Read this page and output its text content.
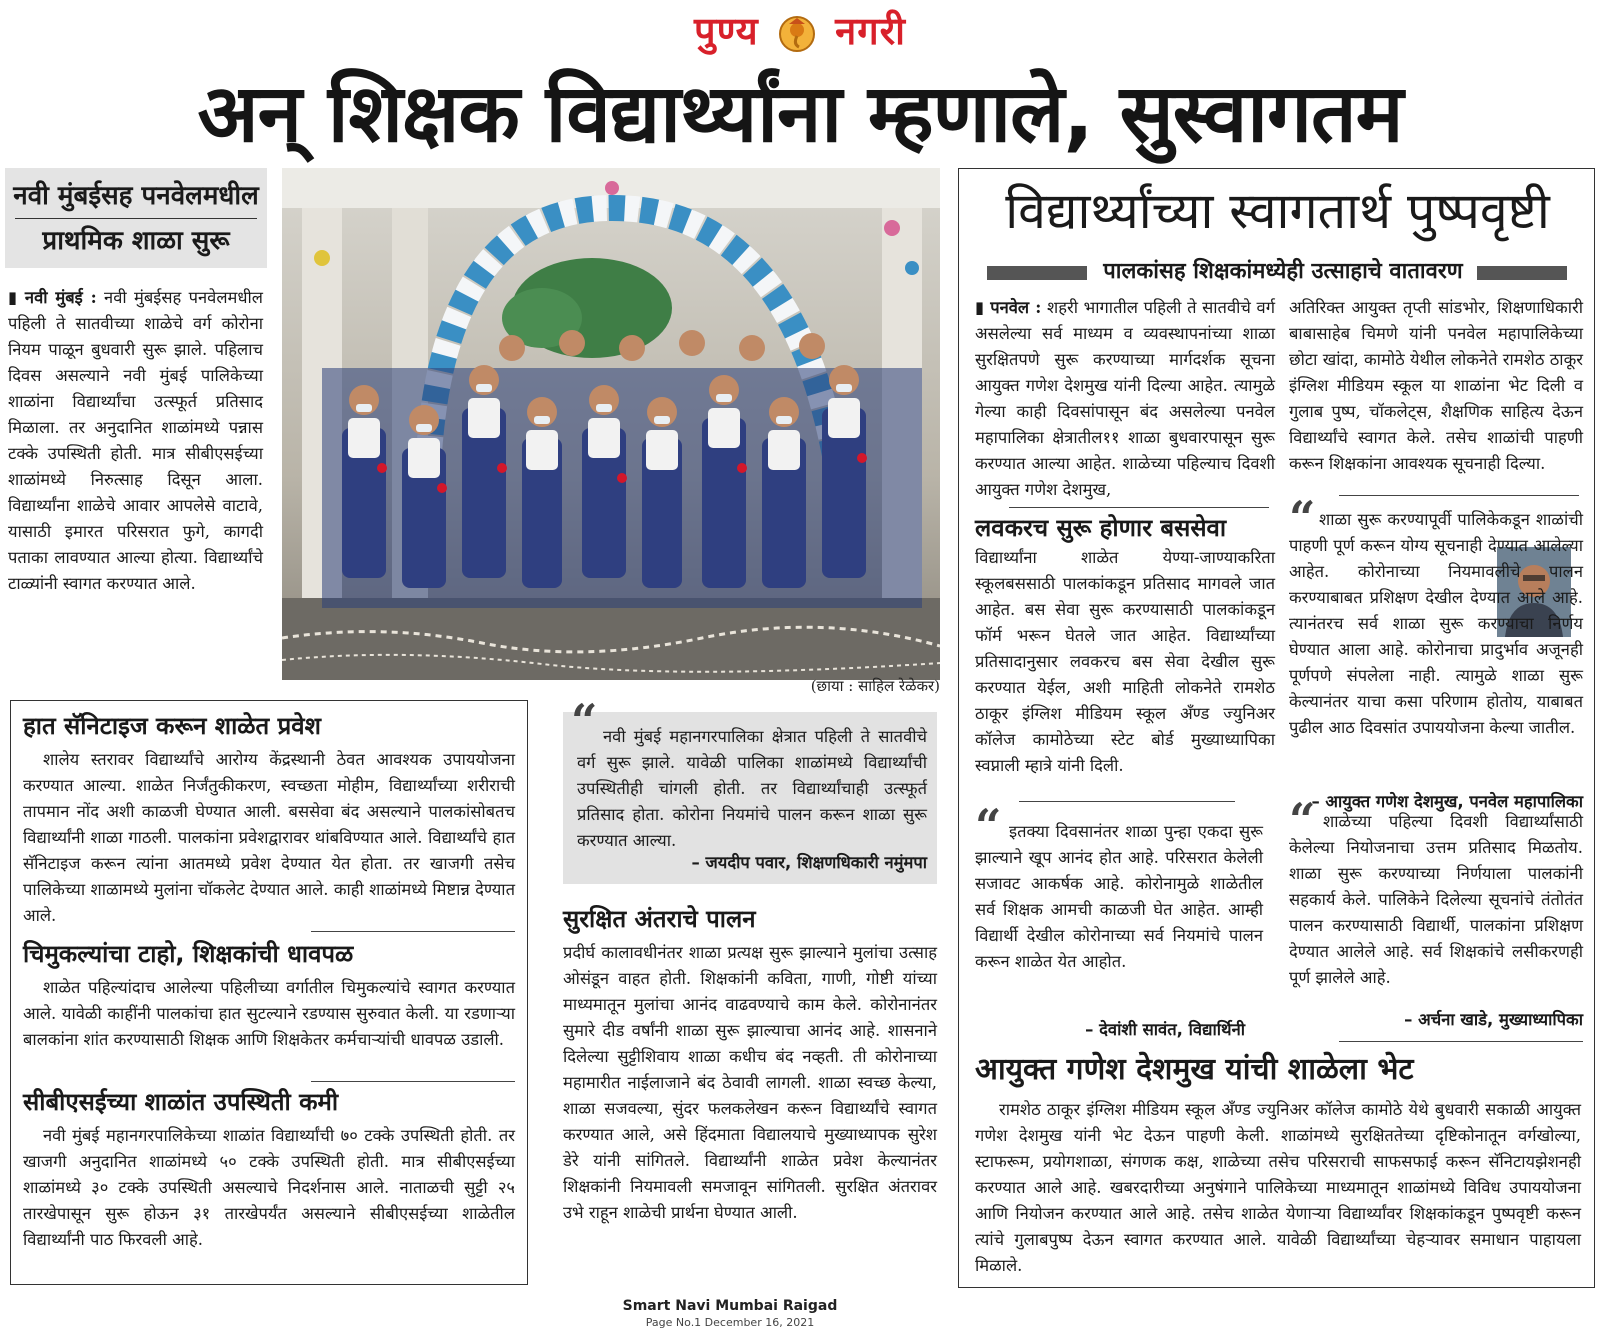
पुण्य नगरी
अन् शिक्षक विद्यार्थ्यांना म्हणाले, सुस्वागतम
नवी मुंबईसह पनवेलमधील
प्राथमिक शाळा सुरू
▮ नवी मुंबई : नवी मुंबईसह पनवेलमधील पहिली ते सातवीच्या शाळेचे वर्ग कोरोना नियम पाळून बुधवारी सुरू झाले. पहिलाच दिवस असल्याने नवी मुंबई पालिकेच्या शाळांना विद्यार्थ्यांचा उत्स्फूर्त प्रतिसाद मिळाला. तर अनुदानित शाळांमध्ये पन्नास टक्के उपस्थिती होती. मात्र सीबीएसईच्या शाळांमध्ये निरुत्साह दिसून आला. विद्यार्थ्यांना शाळेचे आवार आपलेसे वाटावे, यासाठी इमारत परिसरात फुगे, कागदी पताका लावण्यात आल्या होत्या. विद्यार्थ्यांचे टाळ्यांनी स्वागत करण्यात आले.
(छाया : साहिल रेळेकर)
हात सॅनिटाइज करून शाळेत प्रवेश
शालेय स्तरावर विद्यार्थ्यांचे आरोग्य केंद्रस्थानी ठेवत आवश्यक उपाययोजना करण्यात आल्या. शाळेत निर्जंतुकीकरण, स्वच्छता मोहीम, विद्यार्थ्यांच्या शरीराची तापमान नोंद अशी काळजी घेण्यात आली. बससेवा बंद असल्याने पालकांसोबतच विद्यार्थ्यांनी शाळा गाठली. पालकांना प्रवेशद्वारावर थांबविण्यात आले. विद्यार्थ्यांचे हात सॅनिटाइज करून त्यांना आतमध्ये प्रवेश देण्यात येत होता. तर खाजगी तसेच पालिकेच्या शाळामध्ये मुलांना चॉकलेट देण्यात आले. काही शाळांमध्ये मिष्टान्न देण्यात आले.
चिमुकल्यांचा टाहो, शिक्षकांची धावपळ
शाळेत पहिल्यांदाच आलेल्या पहिलीच्या वर्गातील चिमुकल्यांचे स्वागत करण्यात आले. यावेळी काहींनी पालकांचा हात सुटल्याने रडण्यास सुरुवात केली. या रडणाऱ्या बालकांना शांत करण्यासाठी शिक्षक आणि शिक्षकेतर कर्मचाऱ्यांची धावपळ उडाली.
सीबीएसईच्या शाळांत उपस्थिती कमी
नवी मुंबई महानगरपालिकेच्या शाळांत विद्यार्थ्यांची ७० टक्के उपस्थिती होती. तर खाजगी अनुदानित शाळांमध्ये ५० टक्के उपस्थिती होती. मात्र सीबीएसईच्या शाळांमध्ये ३० टक्के उपस्थिती असल्याचे निदर्शनास आले. नाताळची सुट्टी २५ तारखेपासून सुरू होऊन ३१ तारखेपर्यंत असल्याने सीबीएसईच्या शाळेतील विद्यार्थ्यांनी पाठ फिरवली आहे.
“ नवी मुंबई महानगरपालिका क्षेत्रात पहिली ते सातवीचे वर्ग सुरू झाले. यावेळी पालिका शाळांमध्ये विद्यार्थ्यांची उपस्थितीही चांगली होती. तर विद्यार्थ्यांचाही उत्स्फूर्त प्रतिसाद होता. कोरोना नियमांचे पालन करून शाळा सुरू करण्यात आल्या.
– जयदीप पवार, शिक्षणधिकारी नमुंमपा
सुरक्षित अंतराचे पालन
प्रदीर्घ कालावधीनंतर शाळा प्रत्यक्ष सुरू झाल्याने मुलांचा उत्साह ओसंडून वाहत होती. शिक्षकांनी कविता, गाणी, गोष्टी यांच्या माध्यमातून मुलांचा आनंद वाढवण्याचे काम केले. कोरोनानंतर सुमारे दीड वर्षांनी शाळा सुरू झाल्याचा आनंद आहे. शासनाने दिलेल्या सुट्टीशिवाय शाळा कधीच बंद नव्हती. ती कोरोनाच्या महामारीत नाईलाजाने बंद ठेवावी लागली. शाळा स्वच्छ केल्या, शाळा सजवल्या, सुंदर फलकलेखन करून विद्यार्थ्यांचे स्वागत करण्यात आले, असे हिंदमाता विद्यालयाचे मुख्याध्यापक सुरेश डेरे यांनी सांगितले. विद्यार्थ्यांनी शाळेत प्रवेश केल्यानंतर शिक्षकांनी नियमावली समजावून सांगितली. सुरक्षित अंतरावर उभे राहून शाळेची प्रार्थना घेण्यात आली.
विद्यार्थ्यांच्या स्वागतार्थ पुष्पवृष्टी
पालकांसह शिक्षकांमध्येही उत्साहाचे वातावरण
▮ पनवेल : शहरी भागातील पहिली ते सातवीचे वर्ग असलेल्या सर्व माध्यम व व्यवस्थापनांच्या शाळा सुरक्षितपणे सुरू करण्याच्या मार्गदर्शक सूचना आयुक्त गणेश देशमुख यांनी दिल्या आहेत. त्यामुळे गेल्या काही दिवसांपासून बंद असलेल्या पनवेल महापालिका क्षेत्रातील११ शाळा बुधवारपासून सुरू करण्यात आल्या आहेत. शाळेच्या पहिल्याच दिवशी आयुक्त गणेश देशमुख,
अतिरिक्त आयुक्त तृप्ती सांडभोर, शिक्षणाधिकारी बाबासाहेब चिमणे यांनी पनवेल महापालिकेच्या छोटा खांदा, कामोठे येथील लोकनेते रामशेठ ठाकूर इंग्लिश मीडियम स्कूल या शाळांना भेट दिली व गुलाब पुष्प, चॉकलेट्स, शैक्षणिक साहित्य देऊन विद्यार्थ्यांचे स्वागत केले. तसेच शाळांची पाहणी करून शिक्षकांना आवश्यक सूचनाही दिल्या.
लवकरच सुरू होणार बससेवा
विद्यार्थ्यांना शाळेत येण्या-जाण्याकरिता स्कूलबससाठी पालकांकडून प्रतिसाद मागवले जात आहेत. बस सेवा सुरू करण्यासाठी पालकांकडून फॉर्म भरून घेतले जात आहेत. विद्यार्थ्यांच्या प्रतिसादानुसार लवकरच बस सेवा देखील सुरू करण्यात येईल, अशी माहिती लोकनेते रामशेठ ठाकूर इंग्लिश मीडियम स्कूल अँण्ड ज्युनिअर कॉलेज कामोठेच्या स्टेट बोर्ड मुख्याध्यापिका स्वप्नाली म्हात्रे यांनी दिली.
“ शाळा सुरू करण्यापूर्वी पालिकेकडून शाळांची पाहणी पूर्ण करून योग्य सूचनाही देण्यात आलेल्या आहेत. कोरोनाच्या नियमावलीचे पालन करण्याबाबत प्रशिक्षण देखील देण्यात आले आहे. त्यानंतरच सर्व शाळा सुरू करण्याचा निर्णय घेण्यात आला आहे. कोरोनाचा प्रादुर्भाव अजूनही पूर्णपणे संपलेला नाही. त्यामुळे शाळा सुरू केल्यानंतर याचा कसा परिणाम होतोय, याबाबत पुढील आठ दिवसांत उपाययोजना केल्या जातील.
– आयुक्त गणेश देशमुख, पनवेल महापालिका
“ इतक्या दिवसानंतर शाळा पुन्हा एकदा सुरू झाल्याने खूप आनंद होत आहे. परिसरात केलेली सजावट आकर्षक आहे. कोरोनामुळे शाळेतील सर्व शिक्षक आमची काळजी घेत आहेत. आम्ही विद्यार्थी देखील कोरोनाच्या सर्व नियमांचे पालन करून शाळेत येत आहोत.
– देवांशी सावंत, विद्यार्थिनी
“ शाळेच्या पहिल्या दिवशी विद्यार्थ्यांसाठी केलेल्या नियोजनाचा उत्तम प्रतिसाद मिळतोय. शाळा सुरू करण्याच्या निर्णयाला पालकांनी सहकार्य केले. पालिकेने दिलेल्या सूचनांचे तंतोतंत पालन करण्यासाठी विद्यार्थी, पालकांना प्रशिक्षण देण्यात आलेले आहे. सर्व शिक्षकांचे लसीकरणही पूर्ण झालेले आहे.
– अर्चना खाडे, मुख्याध्यापिका
आयुक्त गणेश देशमुख यांची शाळेला भेट
रामशेठ ठाकूर इंग्लिश मीडियम स्कूल अँण्ड ज्युनिअर कॉलेज कामोठे येथे बुधवारी सकाळी आयुक्त गणेश देशमुख यांनी भेट देऊन पाहणी केली. शाळांमध्ये सुरक्षिततेच्या दृष्टिकोनातून वर्गखोल्या, स्टाफरूम, प्रयोगशाळा, संगणक कक्ष, शाळेच्या तसेच परिसराची साफसफाई करून सॅनिटायझेशनही करण्यात आले आहे. खबरदारीच्या अनुषंगाने पालिकेच्या माध्यमातून शाळांमध्ये विविध उपाययोजना आणि नियोजन करण्यात आले आहे. तसेच शाळेत येणाऱ्या विद्यार्थ्यांवर शिक्षकांकडून पुष्पवृष्टी करून त्यांचे गुलाबपुष्प देऊन स्वागत करण्यात आले. यावेळी विद्यार्थ्यांच्या चेहऱ्यावर समाधान पाहायला मिळाले.
Smart Navi Mumbai Raigad
Page No.1 December 16, 2021
